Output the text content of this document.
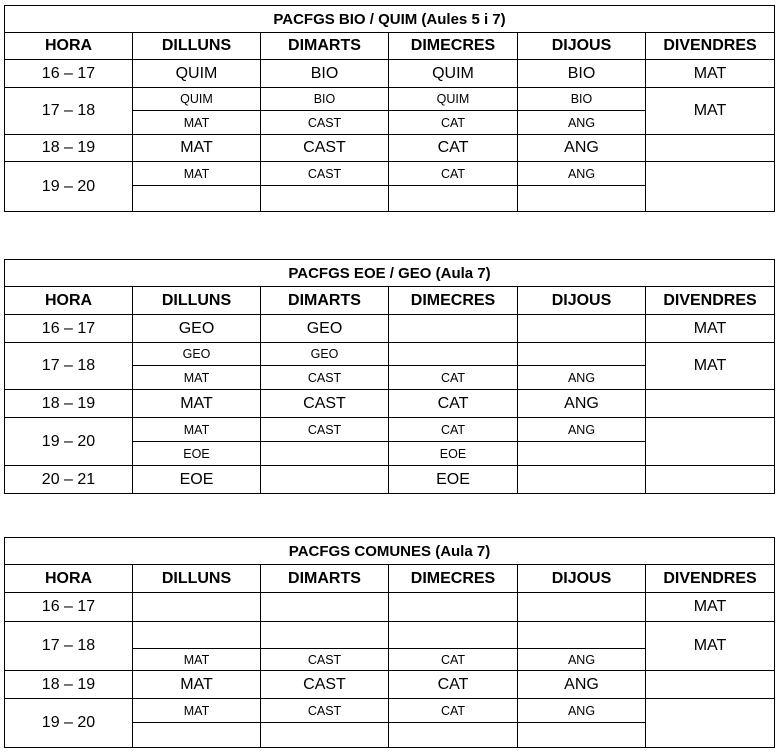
PACFGS BIO / QUIM (Aules 5 i 7)					
HORA	DILLUNS	DIMARTS	DIMECRES	DIJOUS	DIVENDRES
16 – 17	QUIM	BIO	QUIM	BIO	MAT
17 – 18	QUIM	BIO	QUIM	BIO	MAT
	MAT	CAST	CAT	ANG	
18 – 19	MAT	CAST	CAT	ANG	
19 – 20	MAT	CAST	CAT	ANG	

PACFGS EOE / GEO (Aula 7)					
HORA	DILLUNS	DIMARTS	DIMECRES	DIJOUS	DIVENDRES
16 – 17	GEO	GEO			MAT
17 – 18	GEO	GEO			MAT
	MAT	CAST	CAT	ANG	
18 – 19	MAT	CAST	CAT	ANG	
19 – 20	MAT	CAST	CAT	ANG	
	EOE		EOE		
20 – 21	EOE		EOE		
PACFGS COMUNES (Aula 7)					
HORA	DILLUNS	DIMARTS	DIMECRES	DIJOUS	DIVENDRES
16 – 17					MAT
17 – 18					MAT
	MAT	CAST	CAT	ANG	
18 – 19	MAT	CAST	CAT	ANG	
19 – 20	MAT	CAST	CAT	ANG	
